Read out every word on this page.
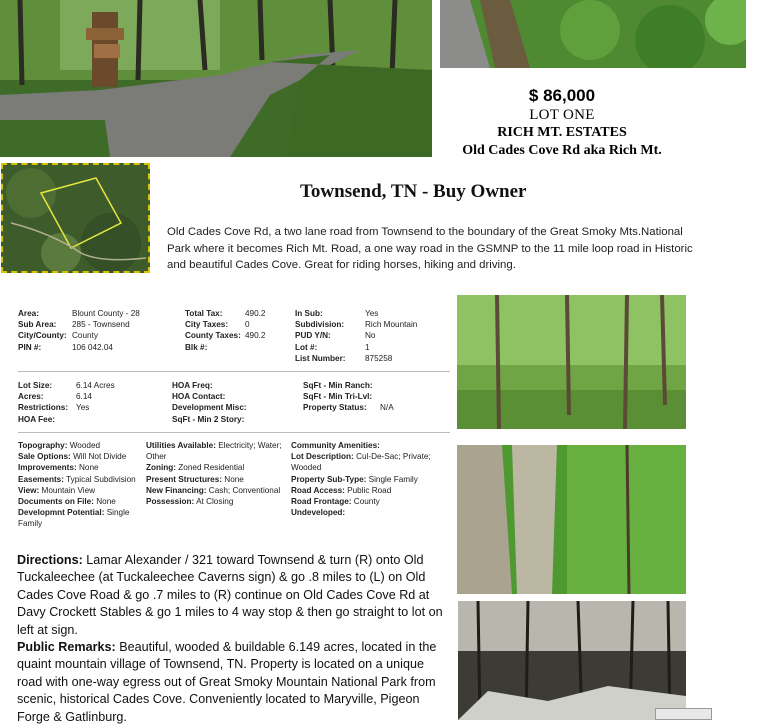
$ 86,000
LOT ONE
RICH MT. ESTATES
Old Cades Cove Rd aka Rich Mt.
Townsend, TN - Buy Owner
Old Cades Cove Rd, a two lane road from Townsend to the boundary of the Great Smoky Mts.National Park where it becomes Rich Mt. Road, a one way road in the GSMNP to the 11 mile loop road in Historic and beautiful Cades Cove. Great for riding horses, hiking and driving.
Area:	Blount County - 28
Sub Area:	285 - Townsend
City/County: County
PIN #:	106 042.04
Total Tax:	490.2
City Taxes:	0
County Taxes: 490.2
Blk #:
In Sub:	Yes
Subdivision:	Rich Mountain
PUD Y/N:	No
Lot #:	1
List Number:	875258
Lot Size:	6.14 Acres
Acres:	6.14
Restrictions: Yes
HOA Fee:
HOA Freq:
HOA Contact:
Development Misc:
SqFt - Min 2 Story:
SqFt - Min Ranch:
SqFt - Min Tri-Lvl:
Property Status:	N/A
Topography: Wooded
Sale Options: Will Not Divide
Improvements: None
Easements: Typical Subdivision
View: Mountain View
Documents on File: None
Developmnt Potential: Single Family
Utilities Available: Electricity; Water; Other
Zoning: Zoned Residential
Present Structures: None
New Financing: Cash; Conventional
Possession: At Closing
Community Amenities:
Lot Description: Cul-De-Sac; Private; Wooded
Property Sub-Type: Single Family
Road Access: Public Road
Road Frontage: County
Undeveloped:
Directions: Lamar Alexander / 321 toward Townsend & turn (R) onto Old Tuckaleechee (at Tuckaleechee Caverns sign) & go .8 miles to (L) on Old Cades Cove Road & go .7 miles to (R) continue on Old Cades Cove Rd at Davy Crockett Stables & go 1 miles to 4 way stop & then go straight to lot on left at sign.
Public Remarks: Beautiful, wooded & buildable 6.149 acres, located in the quaint mountain village of Townsend, TN. Property is located on a unique road with one-way egress out of Great Smoky Mountain National Park from scenic, historical Cades Cove. Conveniently located to Maryville, Pigeon Forge & Gatlinburg.
